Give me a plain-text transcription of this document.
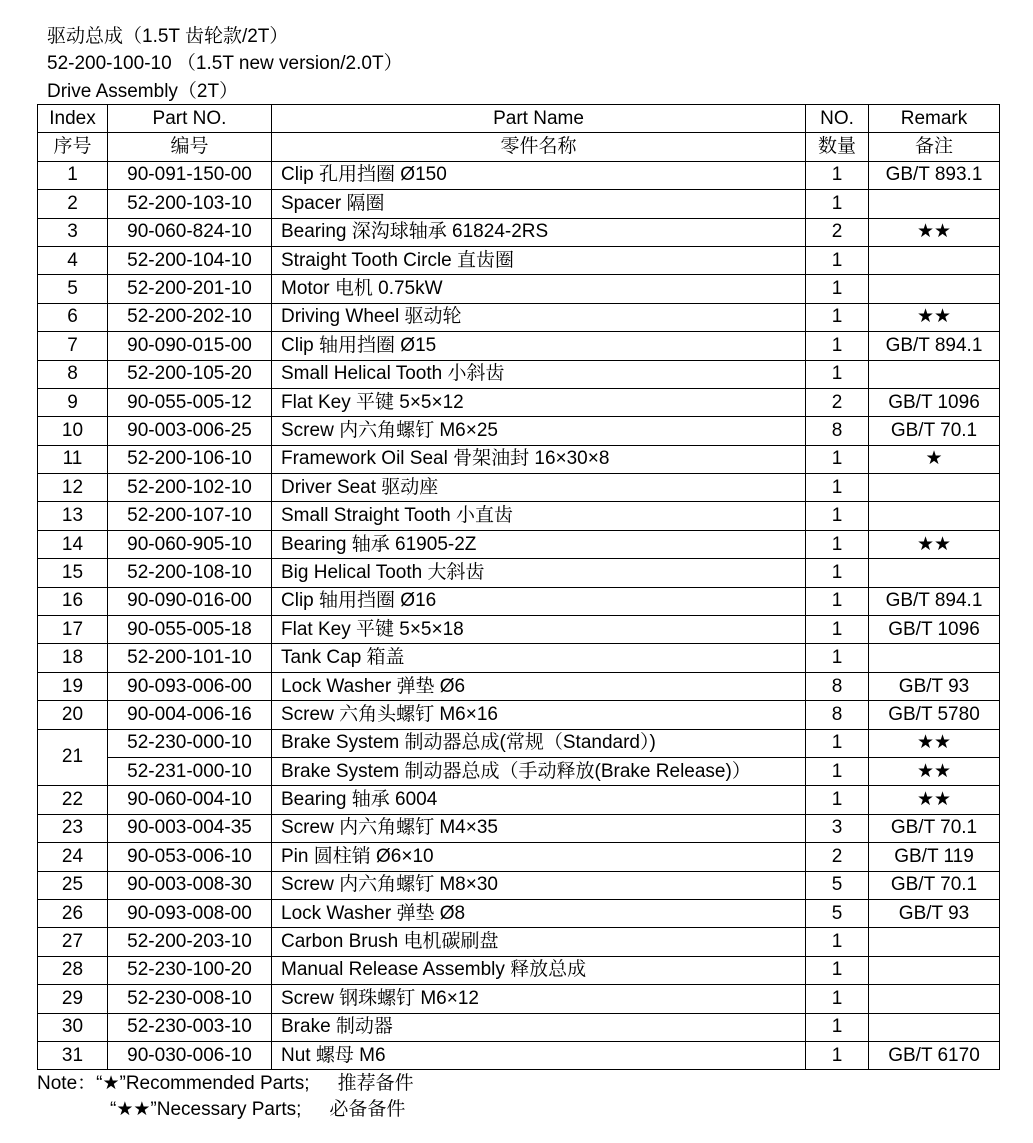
驱动总成（1.5T 齿轮款/2T）
52-200-100-10 （1.5T new version/2.0T）
Drive Assembly（2T）
Index	Part NO.	Part Name	NO.	Remark
序号	编号	零件名称	数量	备注
1	90-091-150-00	Clip 孔用挡圈 Ø150	1	GB/T 893.1
2	52-200-103-10	Spacer 隔圈	1	
3	90-060-824-10	Bearing 深沟球轴承 61824-2RS	2	★★
4	52-200-104-10	Straight Tooth Circle 直齿圈	1	
5	52-200-201-10	Motor 电机 0.75kW	1	
6	52-200-202-10	Driving Wheel 驱动轮	1	★★
7	90-090-015-00	Clip 轴用挡圈 Ø15	1	GB/T 894.1
8	52-200-105-20	Small Helical Tooth 小斜齿	1	
9	90-055-005-12	Flat Key 平键 5×5×12	2	GB/T 1096
10	90-003-006-25	Screw 内六角螺钉 M6×25	8	GB/T 70.1
11	52-200-106-10	Framework Oil Seal 骨架油封 16×30×8	1	★
12	52-200-102-10	Driver Seat 驱动座	1	
13	52-200-107-10	Small Straight Tooth 小直齿	1	
14	90-060-905-10	Bearing 轴承 61905-2Z	1	★★
15	52-200-108-10	Big Helical Tooth 大斜齿	1	
16	90-090-016-00	Clip 轴用挡圈 Ø16	1	GB/T 894.1
17	90-055-005-18	Flat Key 平键 5×5×18	1	GB/T 1096
18	52-200-101-10	Tank Cap 箱盖	1	
19	90-093-006-00	Lock Washer 弹垫 Ø6	8	GB/T 93
20	90-004-006-16	Screw 六角头螺钉 M6×16	8	GB/T 5780
21	52-230-000-10	Brake System 制动器总成(常规（Standard）)	1	★★
	52-231-000-10	Brake System 制动器总成（手动释放(Brake Release)）	1	★★
22	90-060-004-10	Bearing 轴承 6004	1	★★
23	90-003-004-35	Screw 内六角螺钉 M4×35	3	GB/T 70.1
24	90-053-006-10	Pin 圆柱销 Ø6×10	2	GB/T 119
25	90-003-008-30	Screw 内六角螺钉 M8×30	5	GB/T 70.1
26	90-093-008-00	Lock Washer 弹垫 Ø8	5	GB/T 93
27	52-200-203-10	Carbon Brush 电机碳刷盘	1	
28	52-230-100-20	Manual Release Assembly 释放总成	1	
29	52-230-008-10	Screw 钢珠螺钉 M6×12	1	
30	52-230-003-10	Brake 制动器	1	
31	90-030-006-10	Nut 螺母 M6	1	GB/T 6170
Note：“★”Recommended Parts; 推荐备件
“★★”Necessary Parts; 必备备件
